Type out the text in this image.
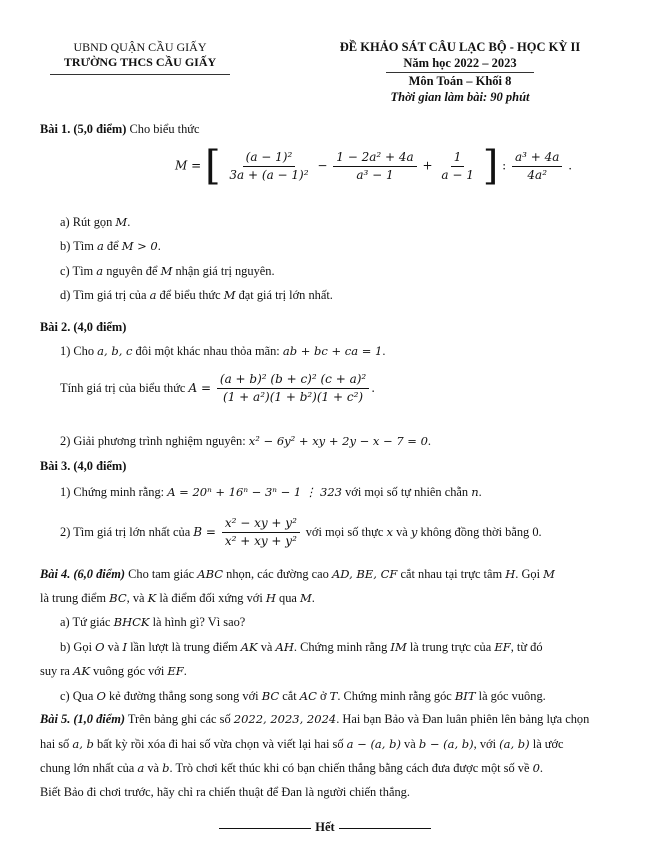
UBND QUẬN CẦU GIẤY
TRƯỜNG THCS CẦU GIẤY
ĐỀ KHẢO SÁT CÂU LẠC BỘ - HỌC KỲ II
Năm học 2022 – 2023
Môn Toán – Khối 8
Thời gian làm bài: 90 phút
Bài 1. (5,0 điểm) Cho biểu thức
M = [ $\frac{\text{(a − 1)²}}{\text{3a + (a − 1)²}} - \frac{\text{1 − 2a² + 4a}}{\text{a³ − 1}} + \frac{1}{a - 1}$ ] : $\frac{\text{a³ + 4a}}{\text{4a²}}$ .
a) Rút gọn M.
b) Tìm a để M > 0.
c) Tìm a nguyên để M nhận giá trị nguyên.
d) Tìm giá trị của a để biểu thức M đạt giá trị lớn nhất.
Bài 2. (4,0 điểm)
1) Cho a, b, c đôi một khác nhau thỏa mãn: ab + bc + ca = 1.
Tính giá trị của biểu thức $A = \frac{\text{(a + b)² (b + c)² (c + a)²}}{\text{(1 + a²)(1 + b²)(1 + c²)}}$ .
2) Giải phương trình nghiệm nguyên: x² − 6y² + xy + 2y − x − 7 = 0.
Bài 3. (4,0 điểm)
1) Chứng minh rằng: A = 20ⁿ + 16ⁿ − 3ⁿ − 1 ⋮ 323 với mọi số tự nhiên chẵn n.
2) Tìm giá trị lớn nhất của $B = \frac{\text{x² − xy + y²}}{\text{x² + xy + y²}}$ với mọi số thực x và y không đồng thời bằng 0.
Bài 4. (6,0 điểm) Cho tam giác ABC nhọn, các đường cao AD, BE, CF cắt nhau tại trực tâm H. Gọi M
là trung điểm BC, và K là điểm đối xứng với H qua M.
a) Tứ giác BHCK là hình gì? Vì sao?
b) Gọi O và I lần lượt là trung điểm AK và AH. Chứng minh rằng IM là trung trực của EF, từ đó
suy ra AK vuông góc với EF.
c) Qua O kẻ đường thẳng song song với BC cắt AC ở T. Chứng minh rằng góc BIT là góc vuông.
Bài 5. (1,0 điểm) Trên bảng ghi các số 2022, 2023, 2024. Hai bạn Bảo và Đan luân phiên lên bảng lựa chọn
hai số a, b bất kỳ rồi xóa đi hai số vừa chọn và viết lại hai số a − (a, b) và b − (a, b), với (a, b) là ước
chung lớn nhất của a và b. Trò chơi kết thúc khi có bạn chiến thắng bằng cách đưa được một số về 0.
Biết Bảo đi chơi trước, hãy chỉ ra chiến thuật để Đan là người chiến thắng.
Hết
